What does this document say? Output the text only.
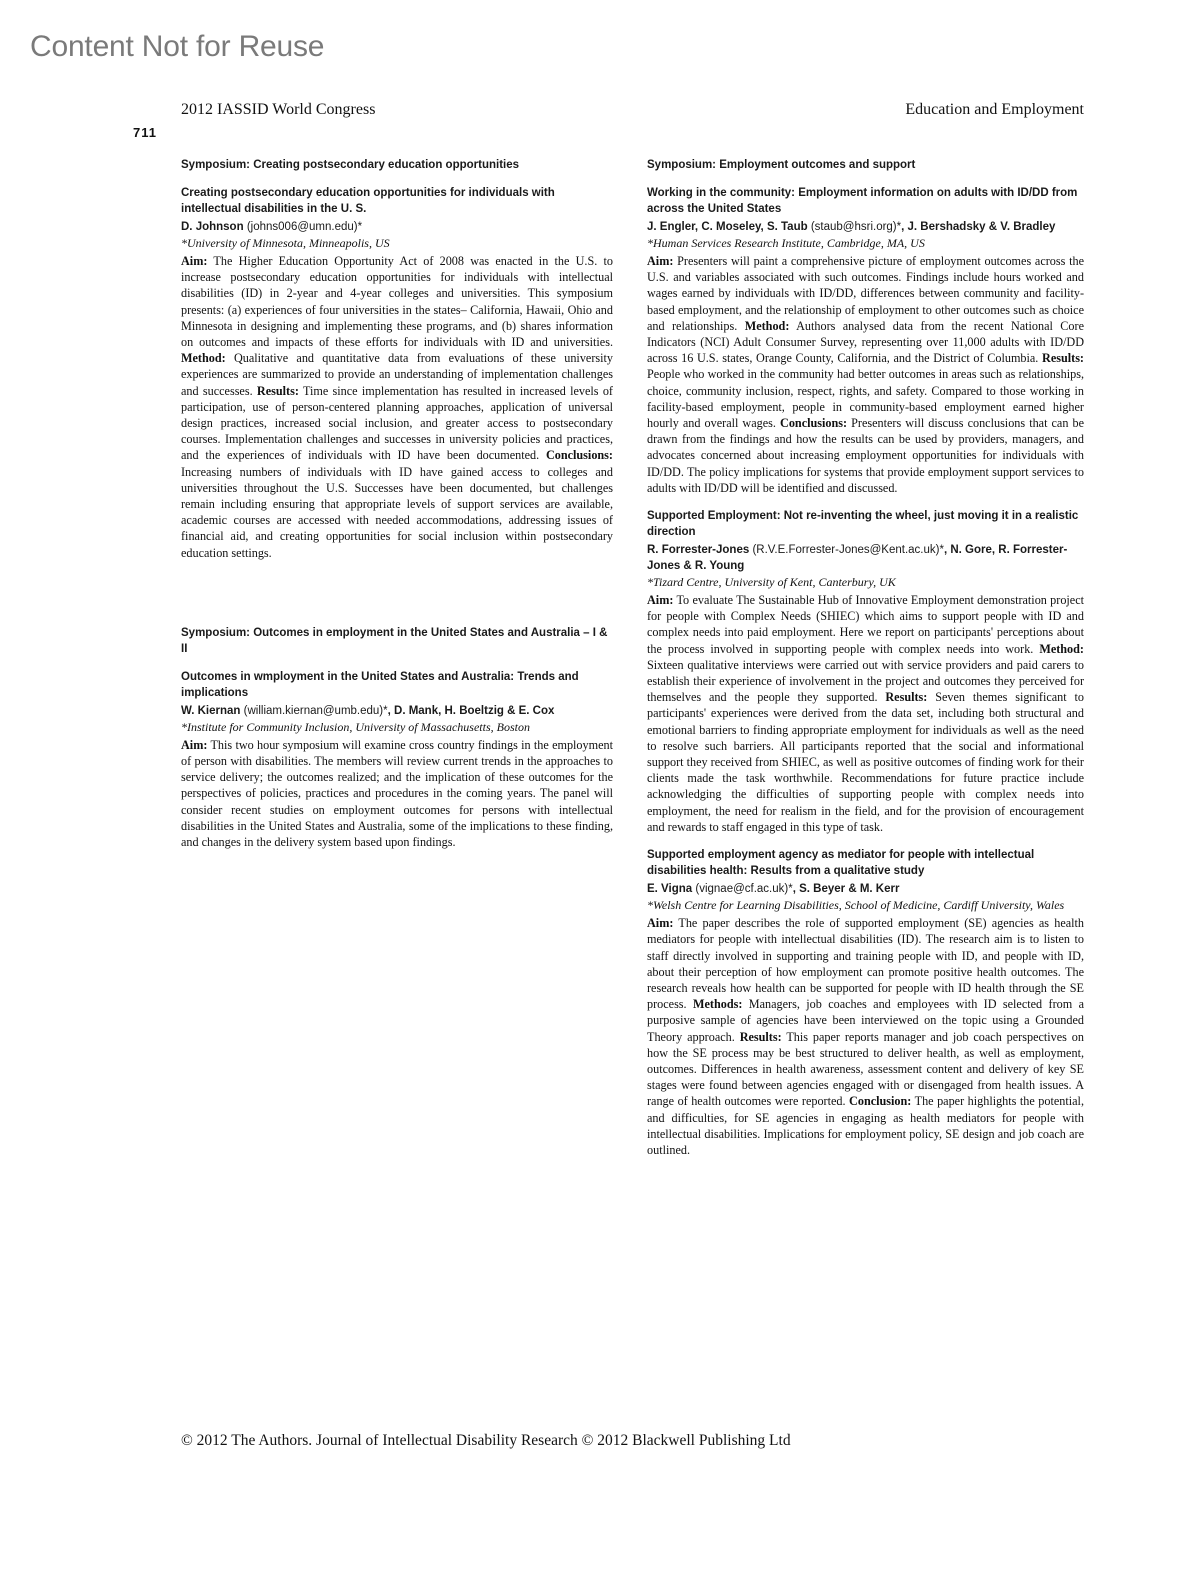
Content Not for Reuse
2012 IASSID World Congress	Education and Employment
711

Symposium: Creating postsecondary education opportunities

Creating postsecondary education opportunities for individuals with intellectual disabilities in the U. S.

D. Johnson (johns006@umn.edu)*

*University of Minnesota, Minneapolis, US

Aim: The Higher Education Opportunity Act of 2008 was enacted in the U.S. to increase postsecondary education opportunities for individuals with intellectual disabilities (ID) in 2-year and 4-year colleges and universities. This symposium presents: (a) experiences of four universities in the states– California, Hawaii, Ohio and Minnesota in designing and implementing these programs, and (b) shares information on outcomes and impacts of these efforts for individuals with ID and universities. Method: Qualitative and quantitative data from evaluations of these university experiences are summarized to provide an understanding of implementation challenges and successes. Results: Time since implementation has resulted in increased levels of participation, use of person-centered planning approaches, application of universal design practices, increased social inclusion, and greater access to postsecondary courses. Implementation challenges and successes in university policies and practices, and the experiences of individuals with ID have been documented. Conclusions: Increasing numbers of individuals with ID have gained access to colleges and universities throughout the U.S. Successes have been documented, but challenges remain including ensuring that appropriate levels of support services are available, academic courses are accessed with needed accommodations, addressing issues of financial aid, and creating opportunities for social inclusion within postsecondary education settings.

Symposium: Outcomes in employment in the United States and Australia – I & II

Outcomes in wmployment in the United States and Australia: Trends and implications

W. Kiernan (william.kiernan@umb.edu)*, D. Mank, H. Boeltzig & E. Cox

*Institute for Community Inclusion, University of Massachusetts, Boston

Aim: This two hour symposium will examine cross country findings in the employment of person with disabilities. The members will review current trends in the approaches to service delivery; the outcomes realized; and the implication of these outcomes for the perspectives of policies, practices and procedures in the coming years. The panel will consider recent studies on employment outcomes for persons with intellectual disabilities in the United States and Australia, some of the implications to these finding, and changes in the delivery system based upon findings.

Symposium: Employment outcomes and support

Working in the community: Employment information on adults with ID/DD from across the United States

J. Engler, C. Moseley, S. Taub (staub@hsri.org)*, J. Bershadsky & V. Bradley

*Human Services Research Institute, Cambridge, MA, US

Aim: Presenters will paint a comprehensive picture of employment outcomes across the U.S. and variables associated with such outcomes. Findings include hours worked and wages earned by individuals with ID/DD, differences between community and facility-based employment, and the relationship of employment to other outcomes such as choice and relationships. Method: Authors analysed data from the recent National Core Indicators (NCI) Adult Consumer Survey, representing over 11,000 adults with ID/DD across 16 U.S. states, Orange County, California, and the District of Columbia. Results: People who worked in the community had better outcomes in areas such as relationships, choice, community inclusion, respect, rights, and safety. Compared to those working in facility-based employment, people in community-based employment earned higher hourly and overall wages. Conclusions: Presenters will discuss conclusions that can be drawn from the findings and how the results can be used by providers, managers, and advocates concerned about increasing employment opportunities for individuals with ID/DD. The policy implications for systems that provide employment support services to adults with ID/DD will be identified and discussed.

Supported Employment: Not re-inventing the wheel, just moving it in a realistic direction

R. Forrester-Jones (R.V.E.Forrester-Jones@Kent.ac.uk)*, N. Gore, R. Forrester-Jones & R. Young

*Tizard Centre, University of Kent, Canterbury, UK

Aim: To evaluate The Sustainable Hub of Innovative Employment demonstration project for people with Complex Needs (SHIEC) which aims to support people with ID and complex needs into paid employment. Here we report on participants' perceptions about the process involved in supporting people with complex needs into work. Method: Sixteen qualitative interviews were carried out with service providers and paid carers to establish their experience of involvement in the project and outcomes they perceived for themselves and the people they supported. Results: Seven themes significant to participants' experiences were derived from the data set, including both structural and emotional barriers to finding appropriate employment for individuals as well as the need to resolve such barriers. All participants reported that the social and informational support they received from SHIEC, as well as positive outcomes of finding work for their clients made the task worthwhile. Recommendations for future practice include acknowledging the difficulties of supporting people with complex needs into employment, the need for realism in the field, and for the provision of encouragement and rewards to staff engaged in this type of task.

Supported employment agency as mediator for people with intellectual disabilities health: Results from a qualitative study

E. Vigna (vignae@cf.ac.uk)*, S. Beyer & M. Kerr

*Welsh Centre for Learning Disabilities, School of Medicine, Cardiff University, Wales

Aim: The paper describes the role of supported employment (SE) agencies as health mediators for people with intellectual disabilities (ID). The research aim is to listen to staff directly involved in supporting and training people with ID, and people with ID, about their perception of how employment can promote positive health outcomes. The research reveals how health can be supported for people with ID health through the SE process. Methods: Managers, job coaches and employees with ID selected from a purposive sample of agencies have been interviewed on the topic using a Grounded Theory approach. Results: This paper reports manager and job coach perspectives on how the SE process may be best structured to deliver health, as well as employment, outcomes. Differences in health awareness, assessment content and delivery of key SE stages were found between agencies engaged with or disengaged from health issues. A range of health outcomes were reported. Conclusion: The paper highlights the potential, and difficulties, for SE agencies in engaging as health mediators for people with intellectual disabilities. Implications for employment policy, SE design and job coach are outlined.

© 2012 The Authors. Journal of Intellectual Disability Research © 2012 Blackwell Publishing Ltd
